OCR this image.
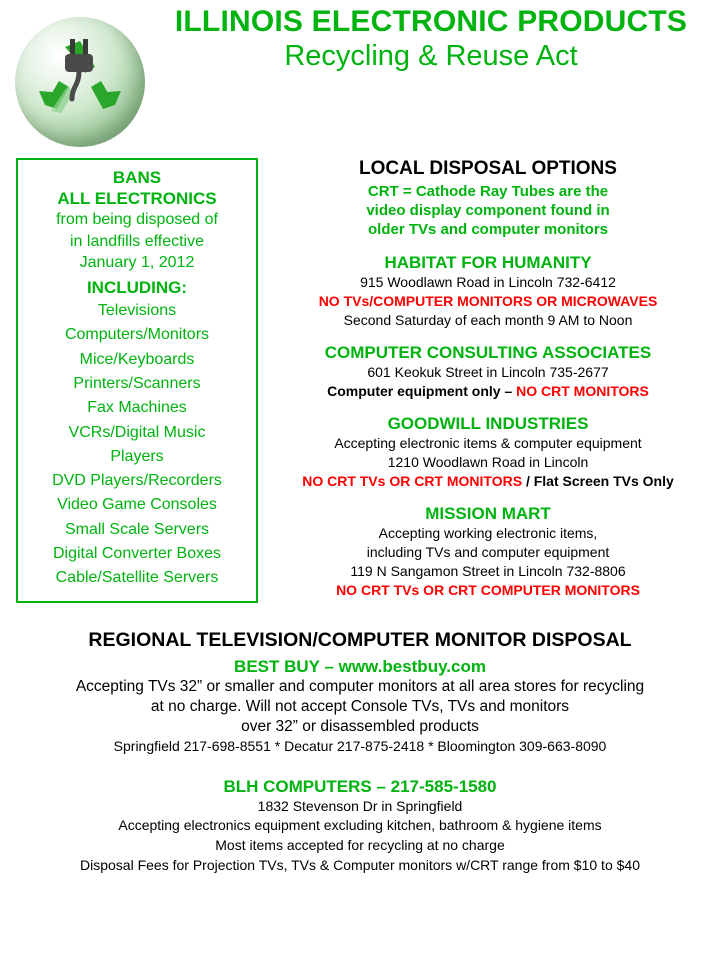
ILLINOIS ELECTRONIC PRODUCTS
Recycling & Reuse Act
BANS
ALL ELECTRONICS
from being disposed of
in landfills effective
January 1, 2012
INCLUDING:
Televisions
Computers/Monitors
Mice/Keyboards
Printers/Scanners
Fax Machines
VCRs/Digital Music
Players
DVD Players/Recorders
Video Game Consoles
Small Scale Servers
Digital Converter Boxes
Cable/Satellite Servers
LOCAL DISPOSAL OPTIONS
CRT = Cathode Ray Tubes are the
video display component found in
older TVs and computer monitors
HABITAT FOR HUMANITY
915 Woodlawn Road in Lincoln 732-6412
NO TVs/COMPUTER MONITORS OR MICROWAVES
Second Saturday of each month 9 AM to Noon
COMPUTER CONSULTING ASSOCIATES
601 Keokuk Street in Lincoln 735-2677
Computer equipment only – NO CRT MONITORS
GOODWILL INDUSTRIES
Accepting electronic items & computer equipment
1210 Woodlawn Road in Lincoln
NO CRT TVs OR CRT MONITORS / Flat Screen TVs Only
MISSION MART
Accepting working electronic items,
including TVs and computer equipment
119 N Sangamon Street in Lincoln 732-8806
NO CRT TVs OR CRT COMPUTER MONITORS
REGIONAL TELEVISION/COMPUTER MONITOR DISPOSAL
BEST BUY – www.bestbuy.com
Accepting TVs 32” or smaller and computer monitors at all area stores for recycling
at no charge. Will not accept Console TVs, TVs and monitors
over 32” or disassembled products
Springfield 217-698-8551 * Decatur 217-875-2418 * Bloomington 309-663-8090
BLH COMPUTERS – 217-585-1580
1832 Stevenson Dr in Springfield
Accepting electronics equipment excluding kitchen, bathroom & hygiene items
Most items accepted for recycling at no charge
Disposal Fees for Projection TVs, TVs & Computer monitors w/CRT range from $10 to $40
